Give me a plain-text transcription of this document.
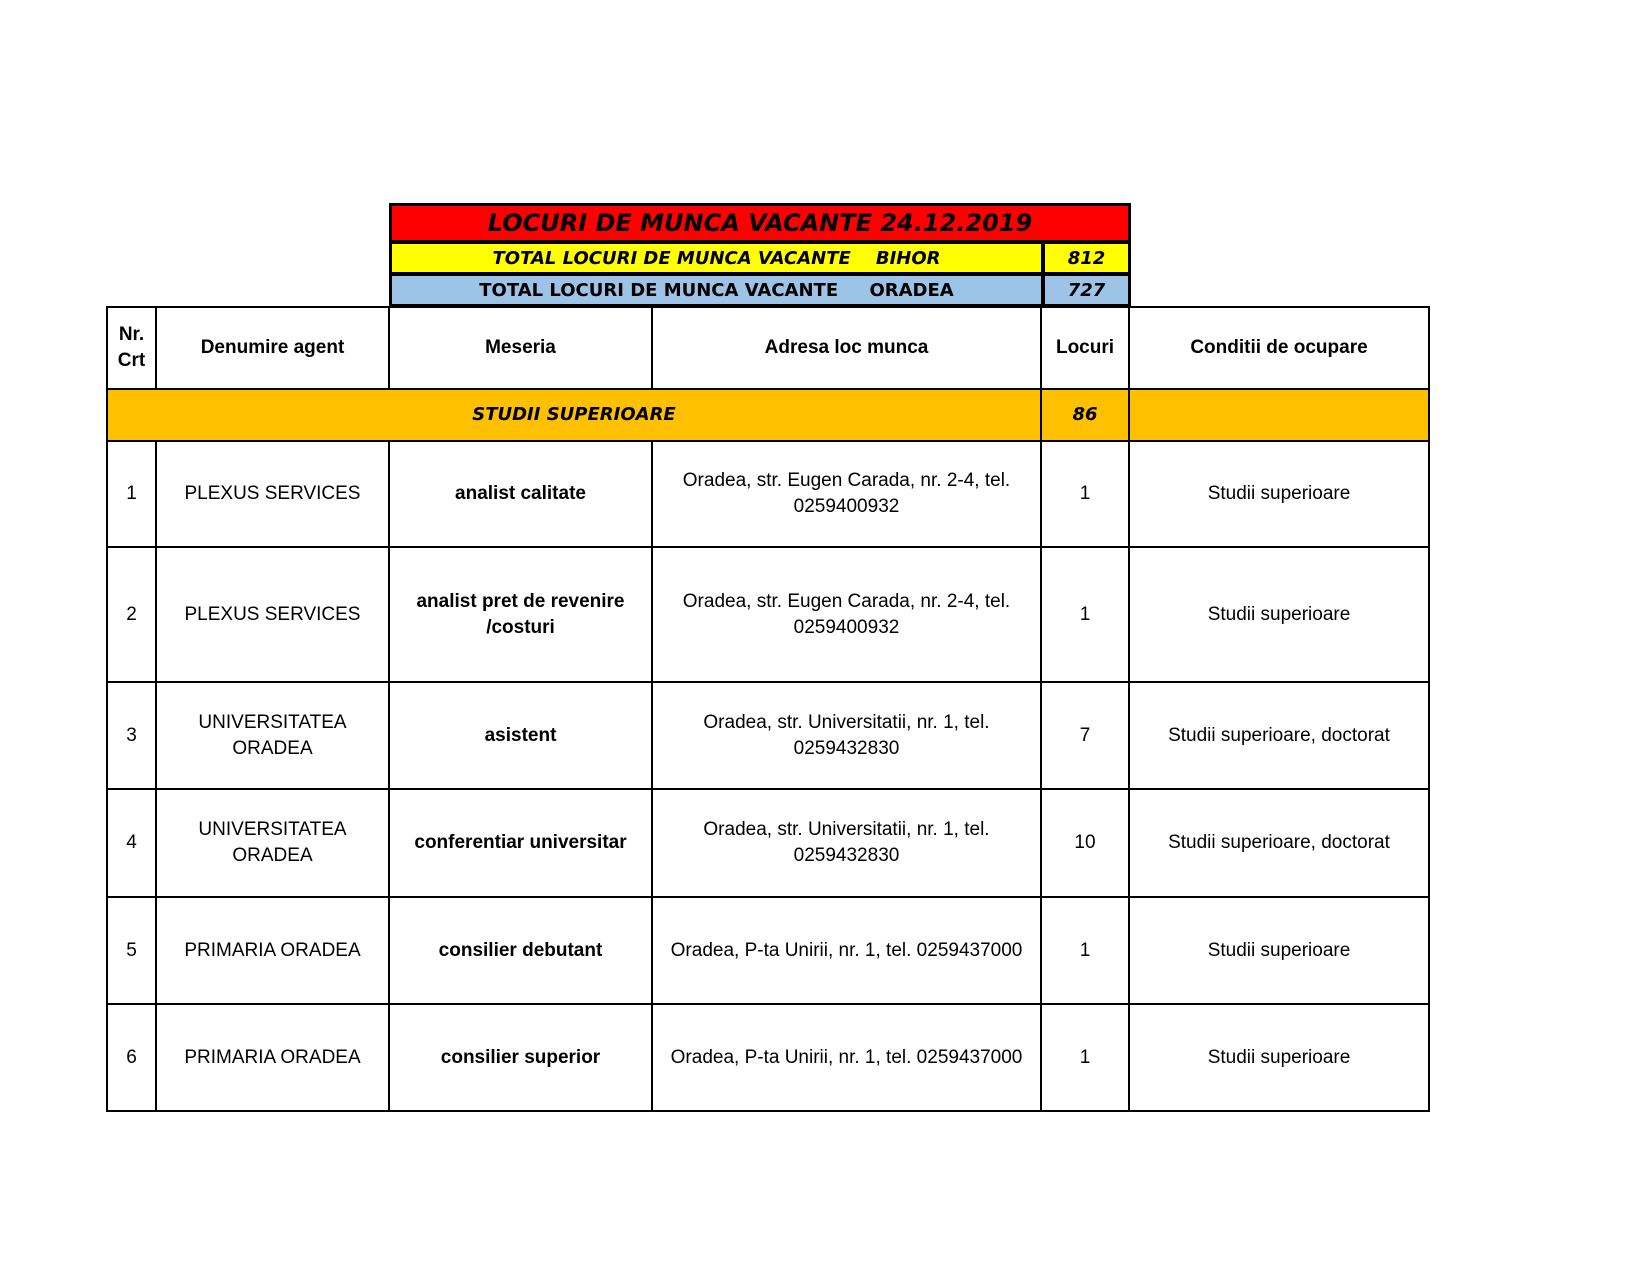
LOCURI DE MUNCA VACANTE 24.12.2019
TOTAL LOCURI DE MUNCA VACANTE    BIHOR	812
TOTAL LOCURI DE MUNCA VACANTE     ORADEA	727
Nr. Crt	Denumire agent	Meseria	Adresa loc munca	Locuri	Conditii de ocupare
STUDII SUPERIOARE				86	
1	PLEXUS SERVICES	analist calitate	Oradea, str. Eugen Carada, nr. 2-4, tel. 0259400932	1	Studii superioare
2	PLEXUS SERVICES	analist pret de revenire /costuri	Oradea, str. Eugen Carada, nr. 2-4, tel. 0259400932	1	Studii superioare
3	UNIVERSITATEA ORADEA	asistent	Oradea, str. Universitatii, nr. 1, tel. 0259432830	7	Studii superioare, doctorat
4	UNIVERSITATEA ORADEA	conferentiar universitar	Oradea, str. Universitatii, nr. 1, tel. 0259432830	10	Studii superioare, doctorat
5	PRIMARIA ORADEA	consilier debutant	Oradea, P-ta Unirii, nr. 1, tel. 0259437000	1	Studii superioare
6	PRIMARIA ORADEA	consilier superior	Oradea, P-ta Unirii, nr. 1, tel. 0259437000	1	Studii superioare
